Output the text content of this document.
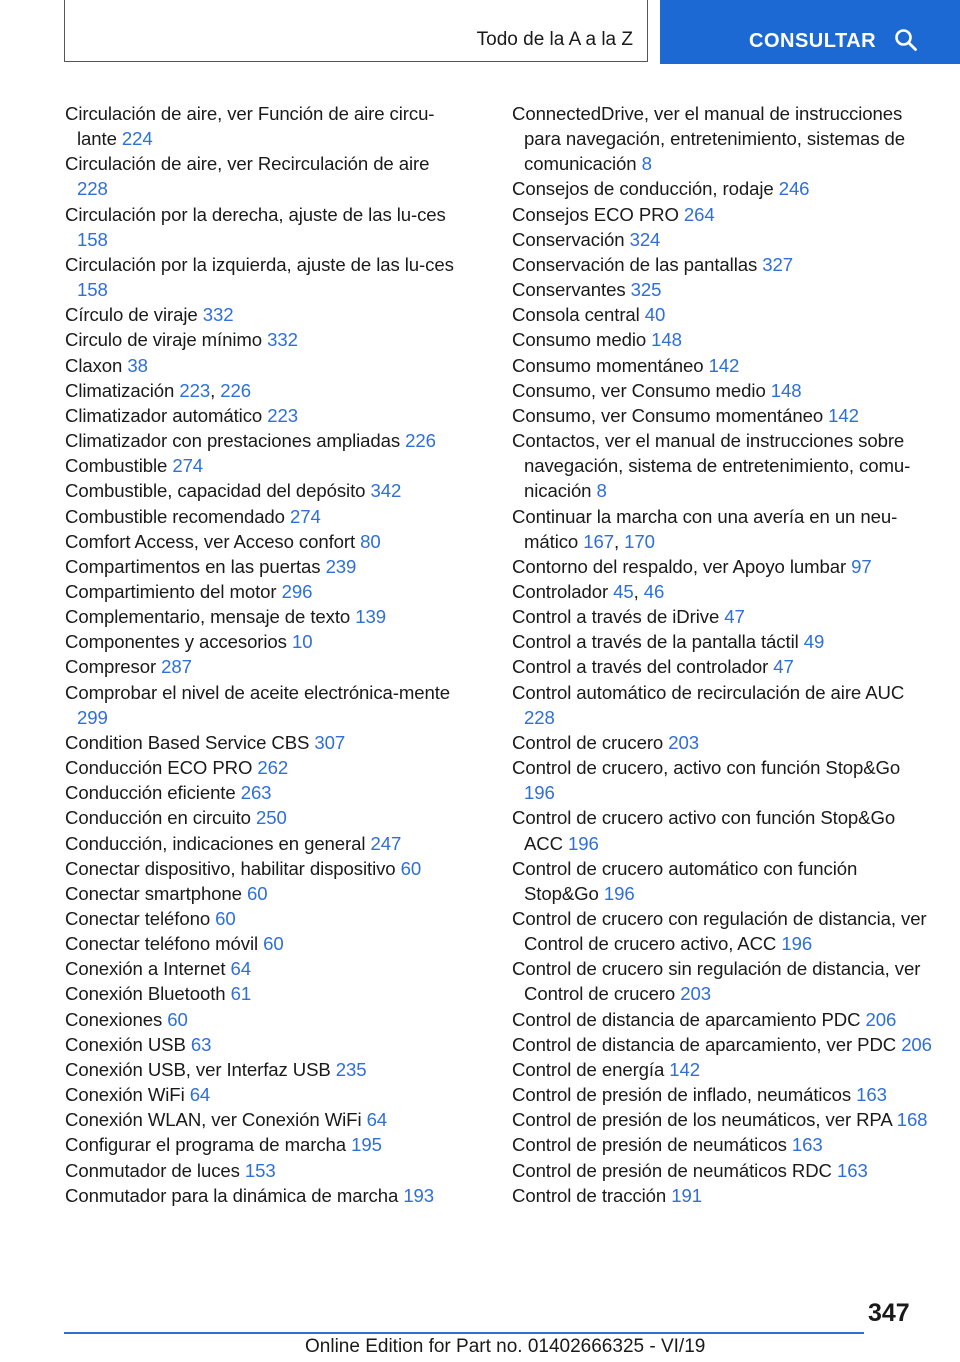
Todo de la A a la Z	CONSULTAR
Circulación de aire, ver Función de aire circu-lante 224
Circulación de aire, ver Recirculación de aire 228
Circulación por la derecha, ajuste de las lu-ces 158
Circulación por la izquierda, ajuste de las lu-ces 158
Círculo de viraje 332
Circulo de viraje mínimo 332
Claxon 38
Climatización 223, 226
Climatizador automático 223
Climatizador con prestaciones ampliadas 226
Combustible 274
Combustible, capacidad del depósito 342
Combustible recomendado 274
Comfort Access, ver Acceso confort 80
Compartimentos en las puertas 239
Compartimiento del motor 296
Complementario, mensaje de texto 139
Componentes y accesorios 10
Compresor 287
Comprobar el nivel de aceite electrónica-mente 299
Condition Based Service CBS 307
Conducción ECO PRO 262
Conducción eficiente 263
Conducción en circuito 250
Conducción, indicaciones en general 247
Conectar dispositivo, habilitar dispositivo 60
Conectar smartphone 60
Conectar teléfono 60
Conectar teléfono móvil 60
Conexión a Internet 64
Conexión Bluetooth 61
Conexiones 60
Conexión USB 63
Conexión USB, ver Interfaz USB 235
Conexión WiFi 64
Conexión WLAN, ver Conexión WiFi 64
Configurar el programa de marcha 195
Conmutador de luces 153
Conmutador para la dinámica de marcha 193
ConnectedDrive, ver el manual de instrucciones para navegación, entretenimiento, sistemas de comunicación 8
Consejos de conducción, rodaje 246
Consejos ECO PRO 264
Conservación 324
Conservación de las pantallas 327
Conservantes 325
Consola central 40
Consumo medio 148
Consumo momentáneo 142
Consumo, ver Consumo medio 148
Consumo, ver Consumo momentáneo 142
Contactos, ver el manual de instrucciones sobre navegación, sistema de entretenimiento, comu-nicación 8
Continuar la marcha con una avería en un neu-mático 167, 170
Contorno del respaldo, ver Apoyo lumbar 97
Controlador 45, 46
Control a través de iDrive 47
Control a través de la pantalla táctil 49
Control a través del controlador 47
Control automático de recirculación de aire AUC 228
Control de crucero 203
Control de crucero, activo con función Stop&Go 196
Control de crucero activo con función Stop&Go ACC 196
Control de crucero automático con función Stop&Go 196
Control de crucero con regulación de distancia, ver Control de crucero activo, ACC 196
Control de crucero sin regulación de distancia, ver Control de crucero 203
Control de distancia de aparcamiento PDC 206
Control de distancia de aparcamiento, ver PDC 206
Control de energía 142
Control de presión de inflado, neumáticos 163
Control de presión de los neumáticos, ver RPA 168
Control de presión de neumáticos 163
Control de presión de neumáticos RDC 163
Control de tracción 191
347
Online Edition for Part no. 01402666325 - VI/19
